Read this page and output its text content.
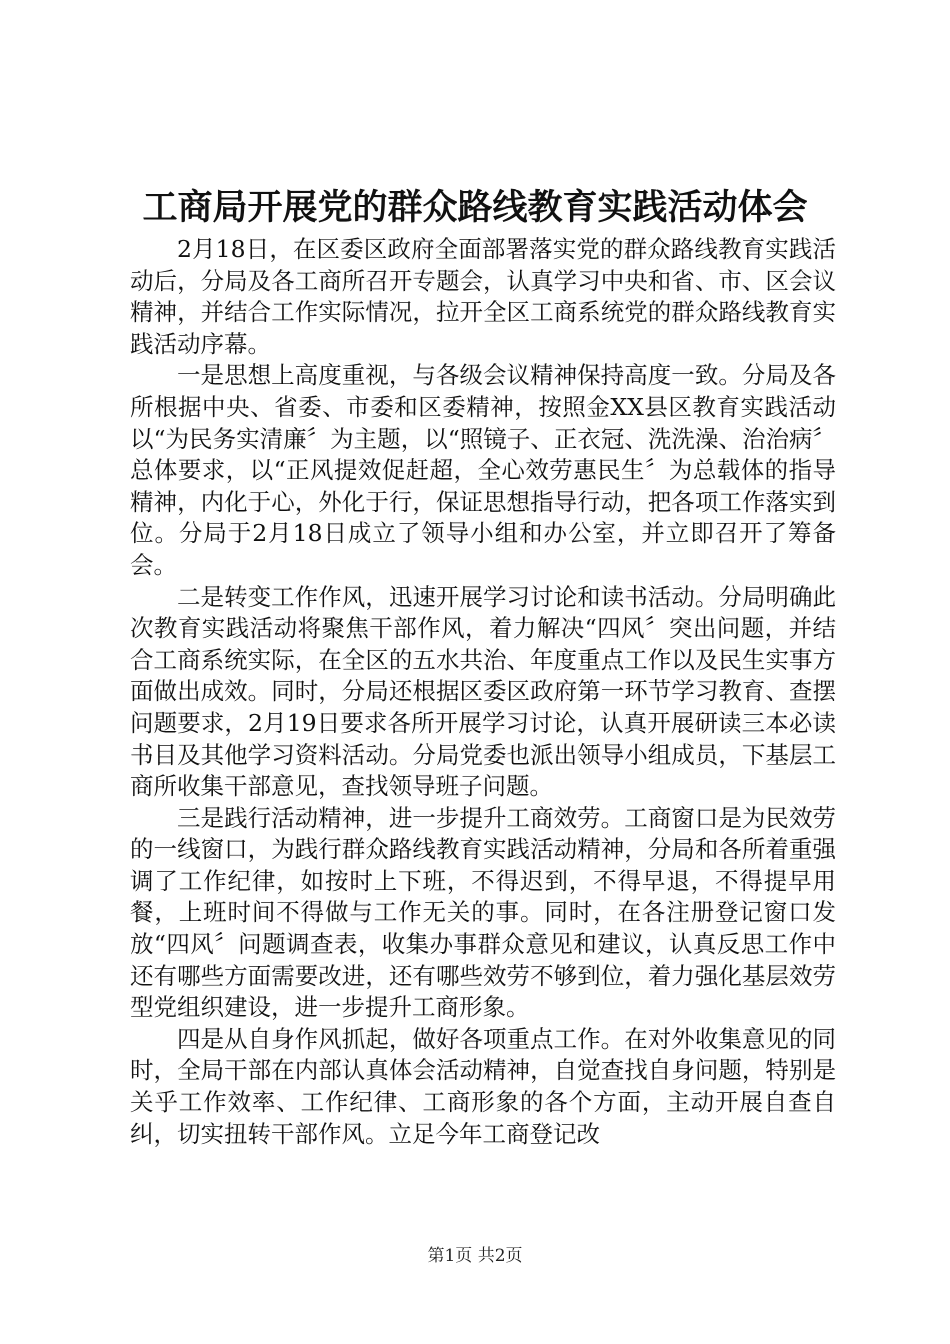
工商局开展党的群众路线教育实践活动体会

2月18日，在区委区政府全面部署落实党的群众路线教育实践活动后，分局及各工商所召开专题会，认真学习中央和省、市、区会议精神，并结合工作实际情况，拉开全区工商系统党的群众路线教育实践活动序幕。

一是思想上高度重视，与各级会议精神保持高度一致。分局及各所根据中央、省委、市委和区委精神，按照金XX县区教育实践活动以“为民务实清廉〞为主题，以“照镜子、正衣冠、洗洗澡、治治病〞总体要求，以“正风提效促赶超，全心效劳惠民生〞为总载体的指导精神，内化于心，外化于行，保证思想指导行动，把各项工作落实到位。分局于2月18日成立了领导小组和办公室，并立即召开了筹备会。

二是转变工作作风，迅速开展学习讨论和读书活动。分局明确此次教育实践活动将聚焦干部作风，着力解决“四风〞突出问题，并结合工商系统实际，在全区的五水共治、年度重点工作以及民生实事方面做出成效。同时，分局还根据区委区政府第一环节学习教育、查摆问题要求，2月19日要求各所开展学习讨论，认真开展研读三本必读书目及其他学习资料活动。分局党委也派出领导小组成员，下基层工商所收集干部意见，查找领导班子问题。

三是践行活动精神，进一步提升工商效劳。工商窗口是为民效劳的一线窗口，为践行群众路线教育实践活动精神，分局和各所着重强调了工作纪律，如按时上下班，不得迟到，不得早退，不得提早用餐，上班时间不得做与工作无关的事。同时，在各注册登记窗口发放“四风〞问题调查表，收集办事群众意见和建议，认真反思工作中还有哪些方面需要改进，还有哪些效劳不够到位，着力强化基层效劳型党组织建设，进一步提升工商形象。

四是从自身作风抓起，做好各项重点工作。在对外收集意见的同时，全局干部在内部认真体会活动精神，自觉查找自身问题，特别是关乎工作效率、工作纪律、工商形象的各个方面，主动开展自查自纠，切实扭转干部作风。立足今年工商登记改

第1页 共2页
